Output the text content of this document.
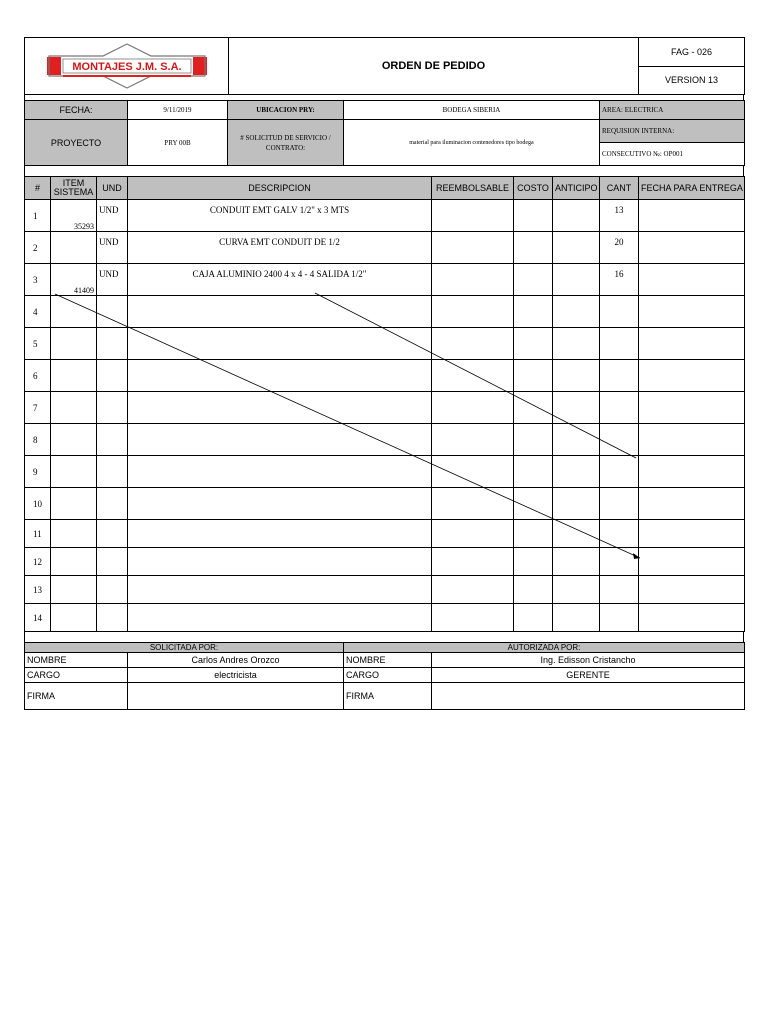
MONTAJES J.M. S.A.	ORDEN DE PEDIDO	FAG - 026
VERSION 13
FECHA:	9/11/2019	UBICACION PRY:	BODEGA SIBERIA	AREA: ELECTRICA
PROYECTO	PRY 00B	# SOLICITUD DE SERVICIO / CONTRATO:	material para iluminacion contenedores tipo bodega	REQUISION INTERNA:
				CONSECUTIVO №: OP001
#	ITEM SISTEMA	UND	DESCRIPCION	REEMBOLSABLE	COSTO	ANTICIPO	CANT	FECHA PARA ENTREGA
1	35293	UND	CONDUIT EMT GALV 1/2" x 3 MTS				13	
2		UND	CURVA EMT CONDUIT DE 1/2				20	
3	41409	UND	CAJA ALUMINIO 2400 4 x 4 - 4 SALIDA 1/2"				16	
4								
5								
6								
7								
8								
9								
10								
11								
12								
13								
14								
SOLICITADA POR:		AUTORIZADA POR:	
NOMBRE	Carlos Andres Orozco	NOMBRE	Ing. Edisson Cristancho
CARGO	electricista	CARGO	GERENTE
FIRMA		FIRMA	
